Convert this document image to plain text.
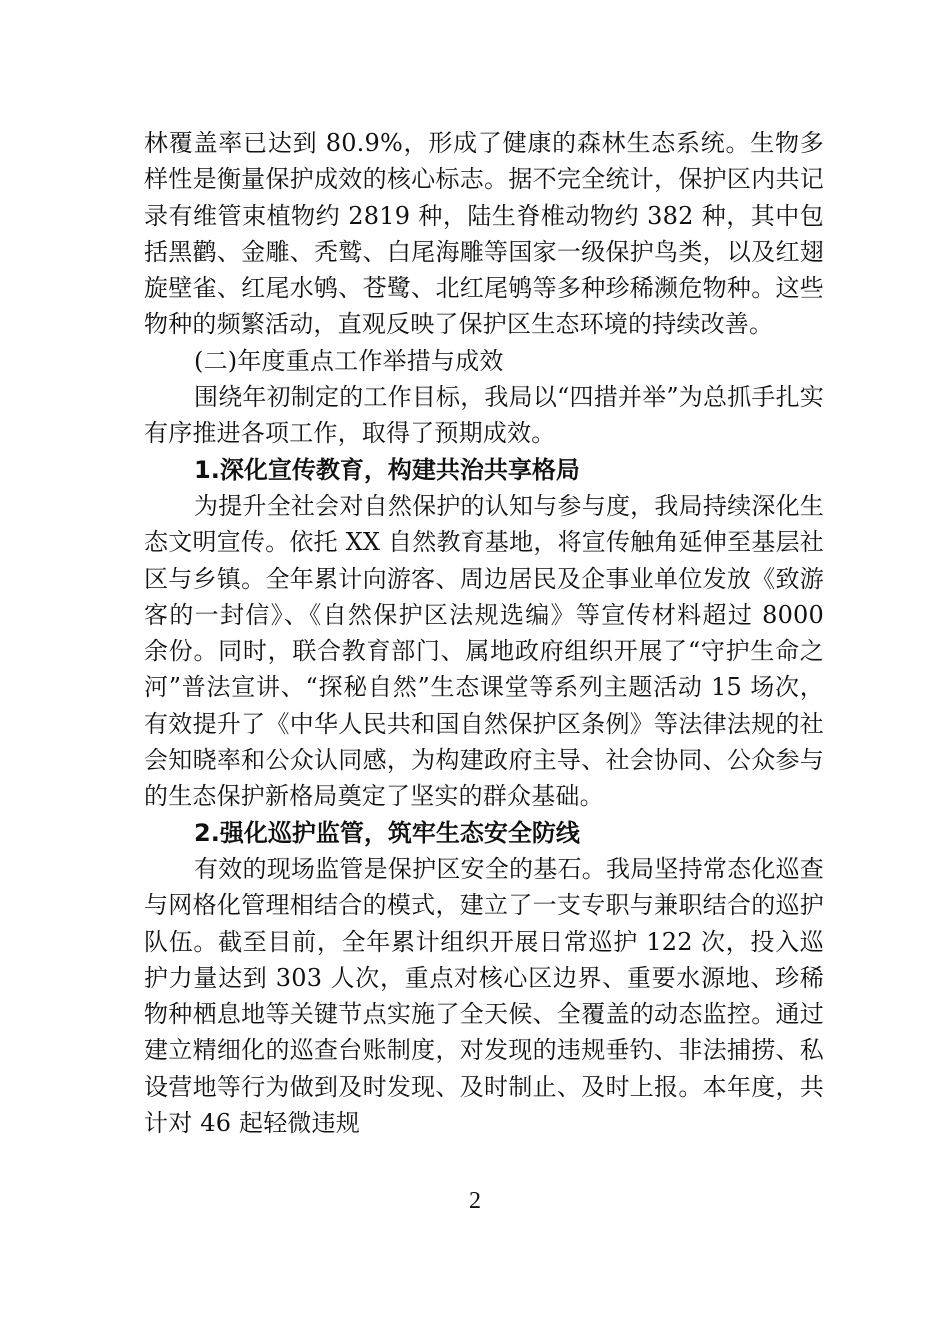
林覆盖率已达到 80.9%，形成了健康的森林生态系统。生物多样性是衡量保护成效的核心标志。据不完全统计，保护区内共记录有维管束植物约 2819 种，陆生脊椎动物约 382 种，其中包括黑鹳、金雕、秃鹫、白尾海雕等国家一级保护鸟类，以及红翅旋壁雀、红尾水鸲、苍鹭、北红尾鸲等多种珍稀濒危物种。这些物种的频繁活动，直观反映了保护区生态环境的持续改善。

(二)年度重点工作举措与成效

围绕年初制定的工作目标，我局以“四措并举”为总抓手扎实有序推进各项工作，取得了预期成效。

1.深化宣传教育，构建共治共享格局

为提升全社会对自然保护的认知与参与度，我局持续深化生态文明宣传。依托 XX 自然教育基地，将宣传触角延伸至基层社区与乡镇。全年累计向游客、周边居民及企事业单位发放《致游客的一封信》、《自然保护区法规选编》等宣传材料超过 8000 余份。同时，联合教育部门、属地政府组织开展了“守护生命之河”普法宣讲、“探秘自然”生态课堂等系列主题活动 15 场次，有效提升了《中华人民共和国自然保护区条例》等法律法规的社会知晓率和公众认同感，为构建政府主导、社会协同、公众参与的生态保护新格局奠定了坚实的群众基础。

2.强化巡护监管，筑牢生态安全防线

有效的现场监管是保护区安全的基石。我局坚持常态化巡查与网格化管理相结合的模式，建立了一支专职与兼职结合的巡护队伍。截至目前，全年累计组织开展日常巡护 122 次，投入巡护力量达到 303 人次，重点对核心区边界、重要水源地、珍稀物种栖息地等关键节点实施了全天候、全覆盖的动态监控。通过建立精细化的巡查台账制度，对发现的违规垂钓、非法捕捞、私设营地等行为做到及时发现、及时制止、及时上报。本年度，共计对 46 起轻微违规

2
